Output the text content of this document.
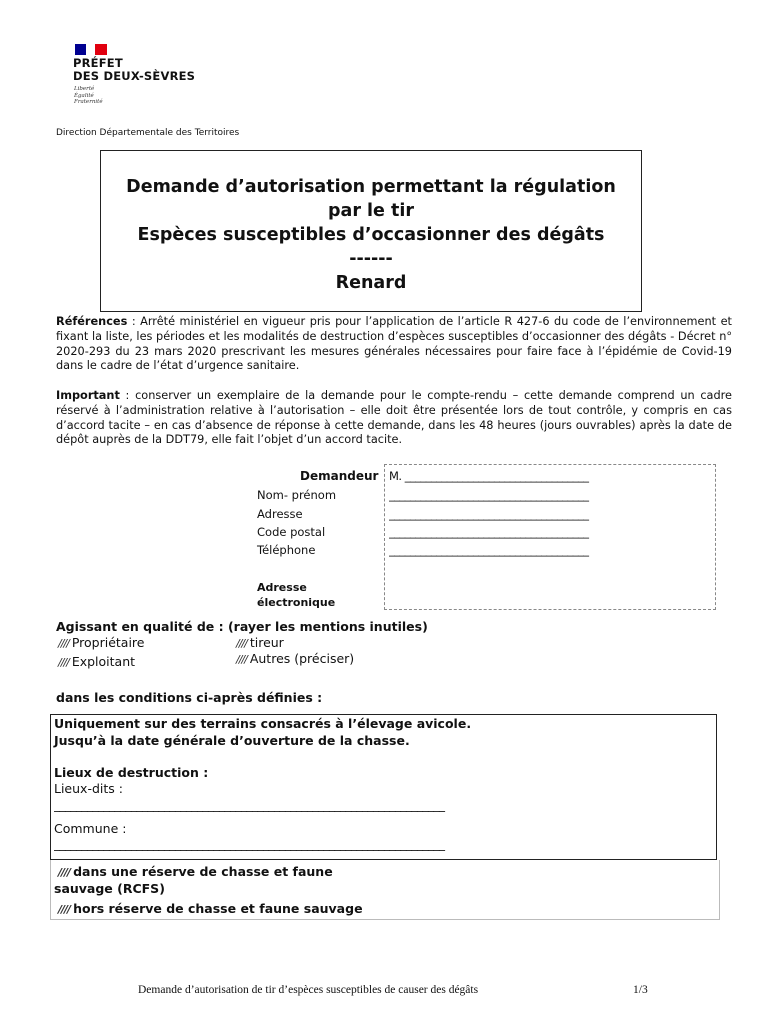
PRÉFET
DES DEUX-SÈVRES
Liberté
Égalité
Fraternité
Direction Départementale des Territoires
Demande d’autorisation permettant la régulation
par le tir
Espèces susceptibles d’occasionner des dégâts
------
Renard
Références : Arrêté ministériel en vigueur pris pour l’application de l’article R 427-6 du code de l’environnement et fixant la liste, les périodes et les modalités de destruction d’espèces susceptibles d’occasionner des dégâts - Décret n° 2020-293 du 23 mars 2020 prescrivant les mesures générales nécessaires pour faire face à l’épidémie de Covid-19 dans le cadre de l’état d’urgence sanitaire.
Important : conserver un exemplaire de la demande pour le compte-rendu – cette demande comprend un cadre réservé à l’administration relative à l’autorisation – elle doit être présentée lors de tout contrôle, y compris en cas d’accord tacite – en cas d’absence de réponse à cette demande, dans les 48 heures (jours ouvrables) après la date de dépôt auprès de la DDT79, elle fait l’objet d’un accord tacite.
Demandeur
Nom- prénom
Adresse
Code postal
Téléphone
Adresse
électronique
M. ___________________________________
______________________________________
______________________________________
______________________________________
______________________________________
Agissant en qualité de : (rayer les mentions inutiles)
//// Propriétaire
//// Exploitant
//// tireur
//// Autres (préciser)
dans les conditions ci-après définies :
Uniquement sur des terrains consacrés à l’élevage avicole.
Jusqu’à la date générale d’ouverture de la chasse.
Lieux de destruction :
Lieux-dits :
_______________________________________________________________________
Commune :
_______________________________________________________________________
//// dans une réserve de chasse et faune
sauvage (RCFS)
//// hors réserve de chasse et faune sauvage
Demande d’autorisation de tir d’espèces susceptibles de causer des dégâts	1/3
